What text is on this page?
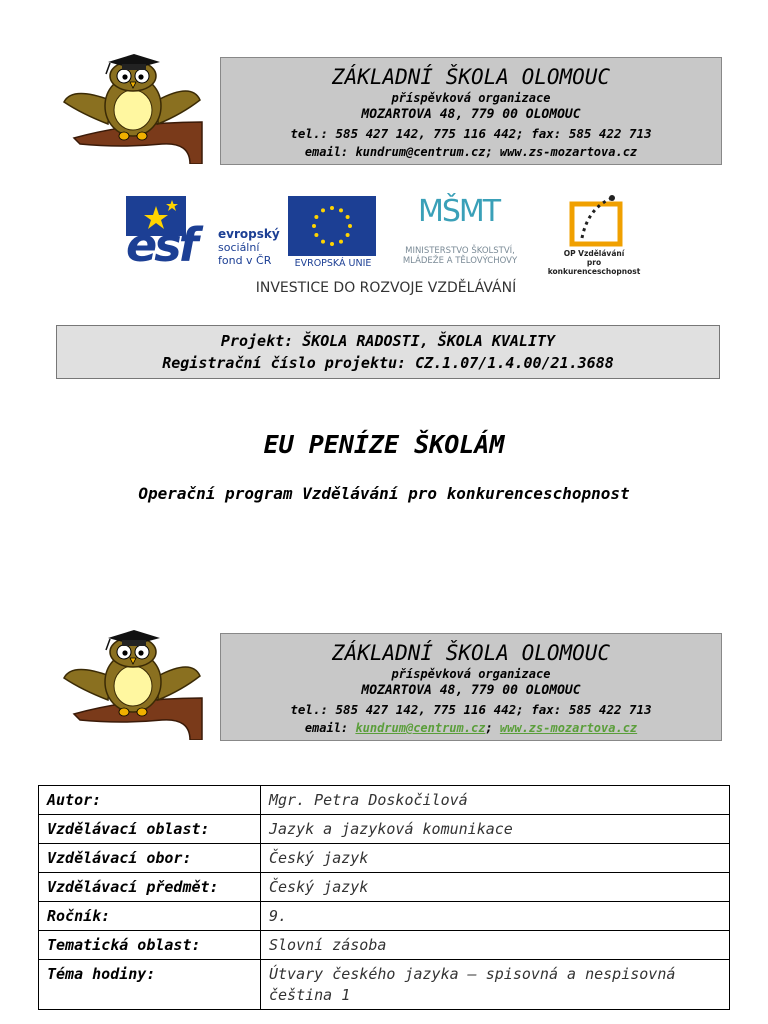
ZÁKLADNÍ ŠKOLA OLOMOUC
příspěvková organizace
MOZARTOVA 48, 779 00 OLOMOUC
tel.: 585 427 142, 775 116 442; fax: 585 422 713
email: kundrum@centrum.cz; www.zs-mozartova.cz
esf evropský
sociální
fond v ČR	EVROPSKÁ UNIE
MŠMT
MINISTERSTVO ŠKOLSTVÍ,
MLÁDEŽE A TĚLOVÝCHOVY
OP Vzdělávání
pro konkurenceschopnost
INVESTICE DO ROZVOJE VZDĚLÁVÁNÍ
Projekt: ŠKOLA RADOSTI, ŠKOLA KVALITY
Registrační číslo projektu: CZ.1.07/1.4.00/21.3688
EU PENÍZE ŠKOLÁM
Operační program Vzdělávání pro konkurenceschopnost
ZÁKLADNÍ ŠKOLA OLOMOUC
příspěvková organizace
MOZARTOVA 48, 779 00 OLOMOUC
tel.: 585 427 142, 775 116 442; fax: 585 422 713
email: kundrum@centrum.cz; www.zs-mozartova.cz
Autor:	Mgr. Petra Doskočilová
Vzdělávací oblast:	Jazyk a jazyková komunikace
Vzdělávací obor:	Český jazyk
Vzdělávací předmět:	Český jazyk
Ročník:	9.
Tematická oblast:	Slovní zásoba
Téma hodiny:	Útvary českého jazyka – spisovná a nespisovná čeština 1
